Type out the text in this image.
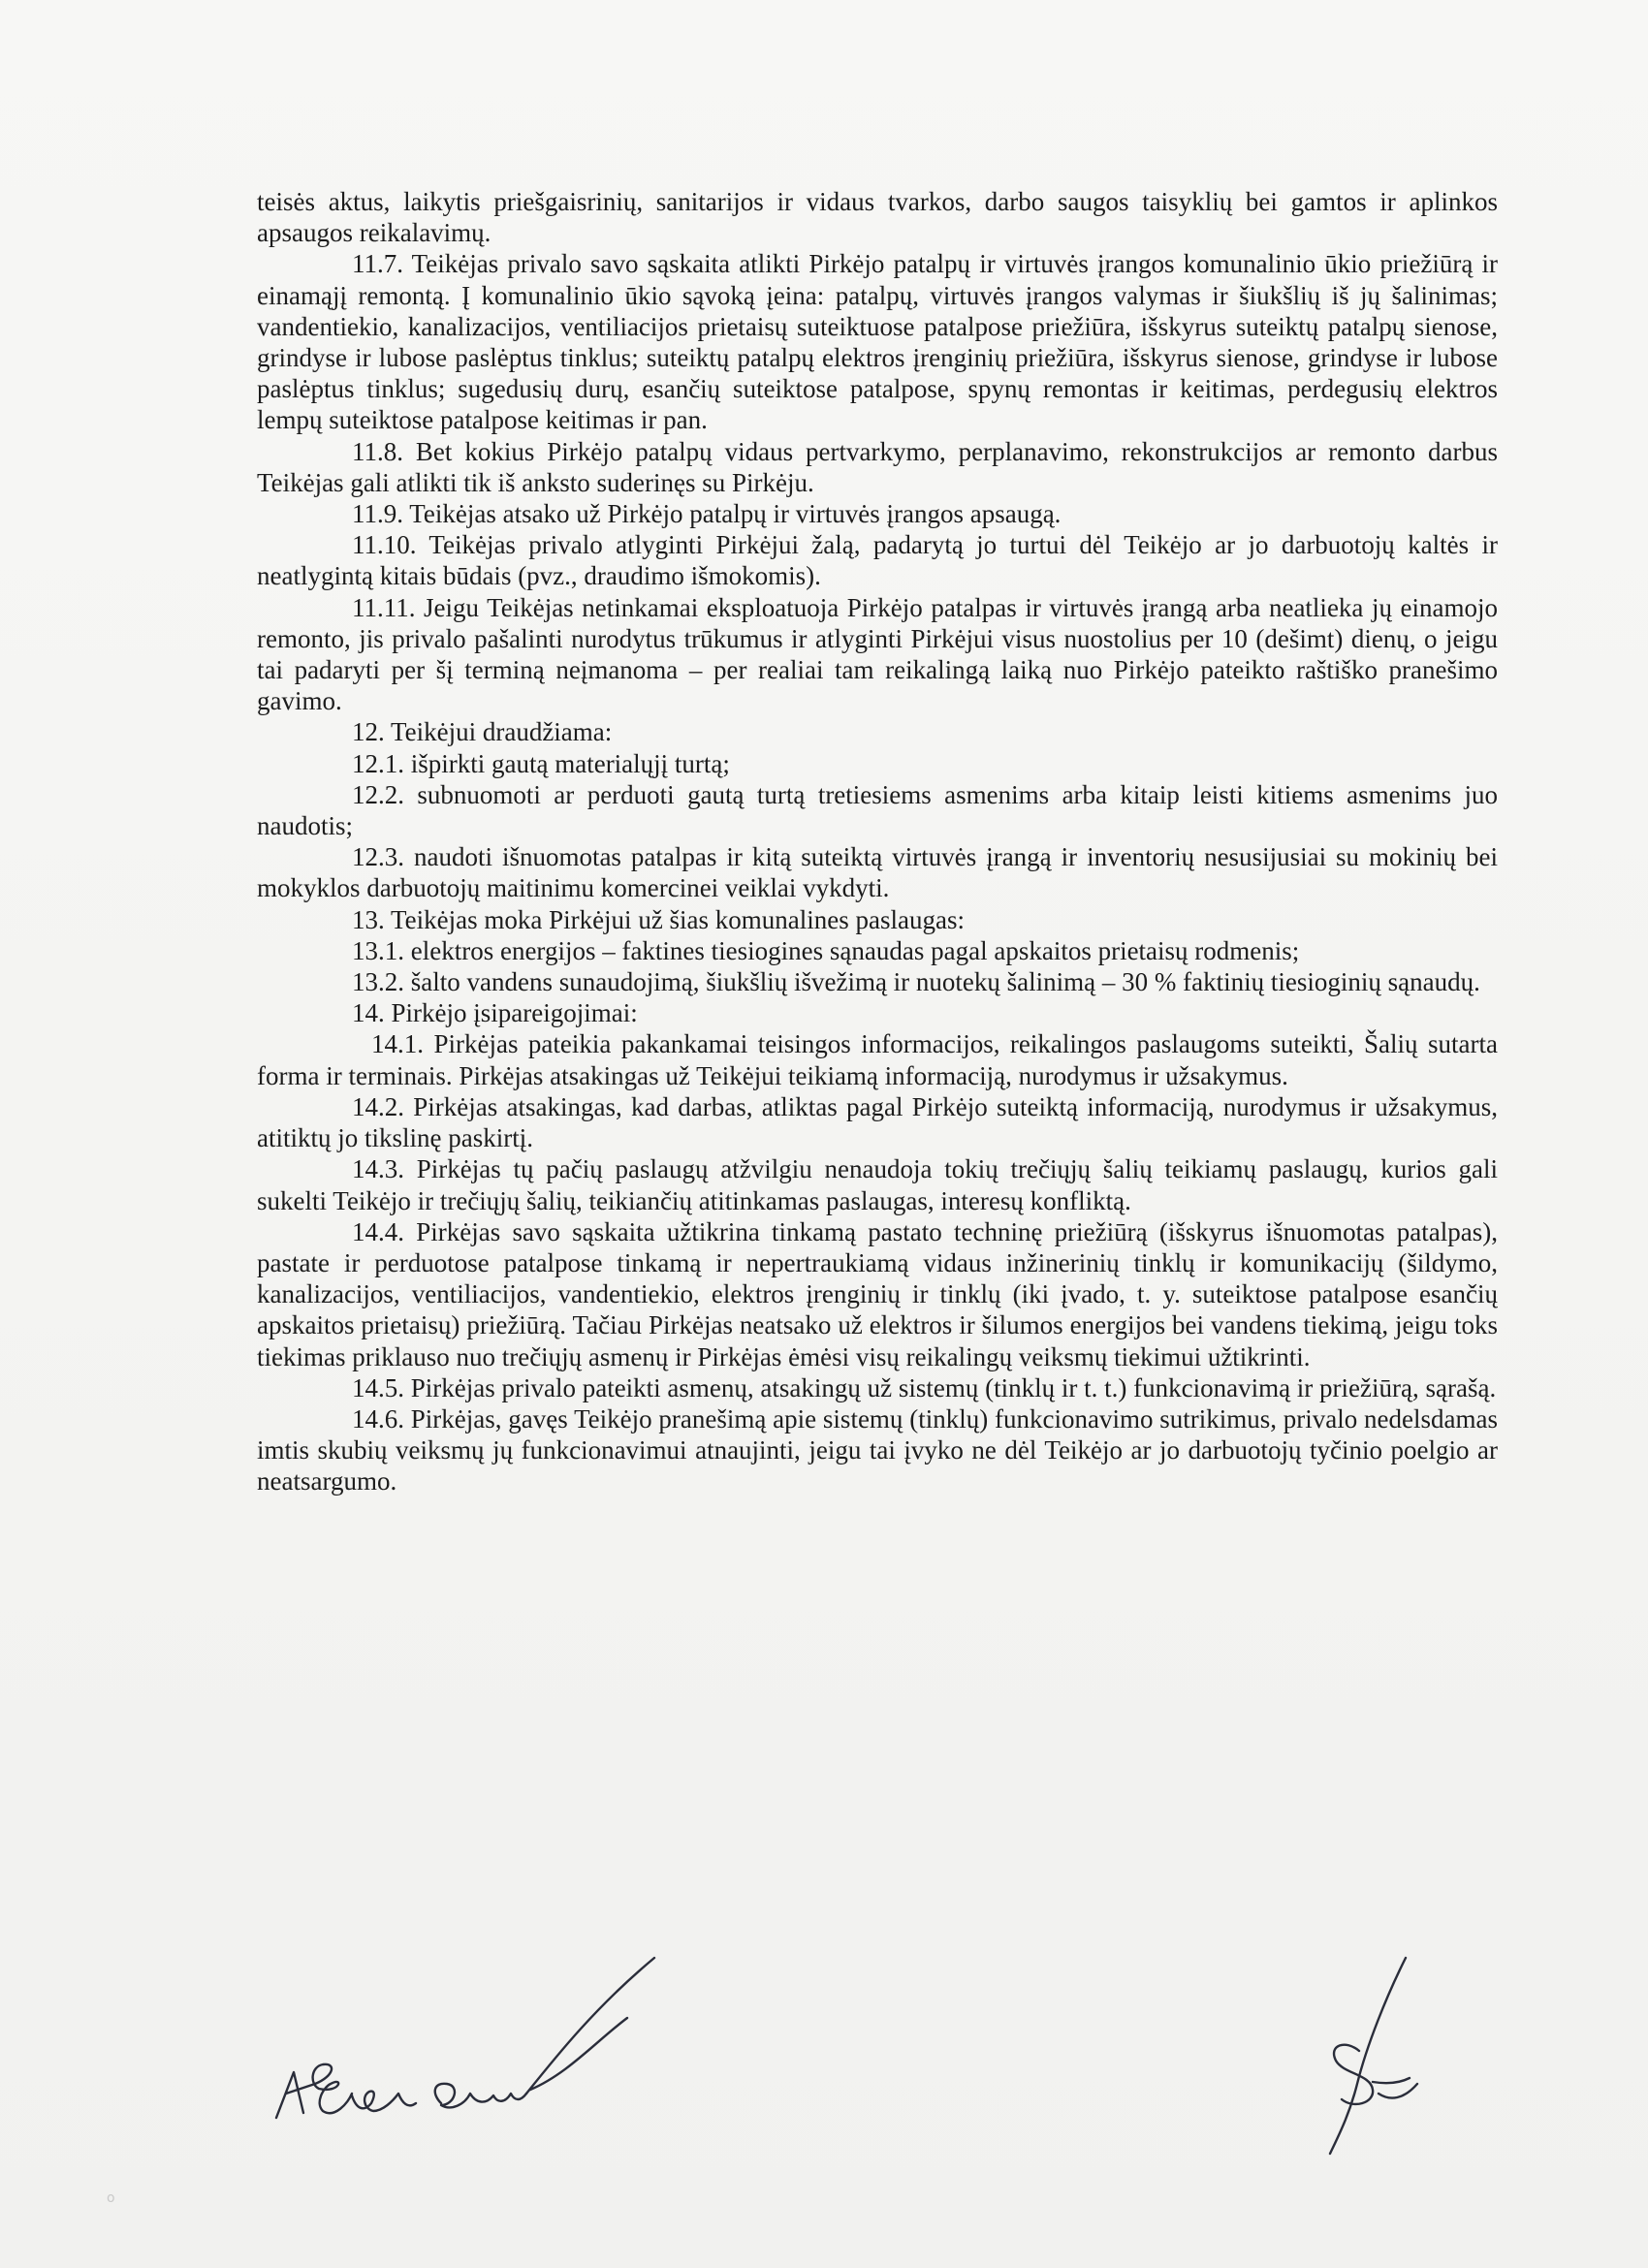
teisės aktus, laikytis priešgaisrinių, sanitarijos ir vidaus tvarkos, darbo saugos taisyklių bei gamtos ir aplinkos apsaugos reikalavimų.

11.7. Teikėjas privalo savo sąskaita atlikti Pirkėjo patalpų ir virtuvės įrangos komunalinio ūkio priežiūrą ir einamąjį remontą. Į komunalinio ūkio sąvoką įeina: patalpų, virtuvės įrangos valymas ir šiukšlių iš jų šalinimas; vandentiekio, kanalizacijos, ventiliacijos prietaisų suteiktuose patalpose priežiūra, išskyrus suteiktų patalpų sienose, grindyse ir lubose paslėptus tinklus; suteiktų patalpų elektros įrenginių priežiūra, išskyrus sienose, grindyse ir lubose paslėptus tinklus; sugedusių durų, esančių suteiktose patalpose, spynų remontas ir keitimas, perdegusių elektros lempų suteiktose patalpose keitimas ir pan.

11.8. Bet kokius Pirkėjo patalpų vidaus pertvarkymo, perplanavimo, rekonstrukcijos ar remonto darbus Teikėjas gali atlikti tik iš anksto suderinęs su Pirkėju.

11.9. Teikėjas atsako už Pirkėjo patalpų ir virtuvės įrangos apsaugą.

11.10. Teikėjas privalo atlyginti Pirkėjui žalą, padarytą jo turtui dėl Teikėjo ar jo darbuotojų kaltės ir neatlygintą kitais būdais (pvz., draudimo išmokomis).

11.11. Jeigu Teikėjas netinkamai eksploatuoja Pirkėjo patalpas ir virtuvės įrangą arba neatlieka jų einamojo remonto, jis privalo pašalinti nurodytus trūkumus ir atlyginti Pirkėjui visus nuostolius per 10 (dešimt) dienų, o jeigu tai padaryti per šį terminą neįmanoma – per realiai tam reikalingą laiką nuo Pirkėjo pateikto raštiško pranešimo gavimo.

12. Teikėjui draudžiama:

12.1. išpirkti gautą materialųjį turtą;

12.2. subnuomoti ar perduoti gautą turtą tretiesiems asmenims arba kitaip leisti kitiems asmenims juo naudotis;

12.3. naudoti išnuomotas patalpas ir kitą suteiktą virtuvės įrangą ir inventorių nesusijusiai su mokinių bei mokyklos darbuotojų maitinimu komercinei veiklai vykdyti.

13. Teikėjas moka Pirkėjui už šias komunalines paslaugas:

13.1. elektros energijos – faktines tiesiogines sąnaudas pagal apskaitos prietaisų rodmenis;

13.2. šalto vandens sunaudojimą, šiukšlių išvežimą ir nuotekų šalinimą – 30 % faktinių tiesioginių sąnaudų.

14. Pirkėjo įsipareigojimai:

14.1. Pirkėjas pateikia pakankamai teisingos informacijos, reikalingos paslaugoms suteikti, Šalių sutarta forma ir terminais. Pirkėjas atsakingas už Teikėjui teikiamą informaciją, nurodymus ir užsakymus.

14.2. Pirkėjas atsakingas, kad darbas, atliktas pagal Pirkėjo suteiktą informaciją, nurodymus ir užsakymus, atitiktų jo tikslinę paskirtį.

14.3. Pirkėjas tų pačių paslaugų atžvilgiu nenaudoja tokių trečiųjų šalių teikiamų paslaugų, kurios gali sukelti Teikėjo ir trečiųjų šalių, teikiančių atitinkamas paslaugas, interesų konfliktą.

14.4. Pirkėjas savo sąskaita užtikrina tinkamą pastato techninę priežiūrą (išskyrus išnuomotas patalpas), pastate ir perduotose patalpose tinkamą ir nepertraukiamą vidaus inžinerinių tinklų ir komunikacijų (šildymo, kanalizacijos, ventiliacijos, vandentiekio, elektros įrenginių ir tinklų (iki įvado, t. y. suteiktose patalpose esančių apskaitos prietaisų) priežiūrą. Tačiau Pirkėjas neatsako už elektros ir šilumos energijos bei vandens tiekimą, jeigu toks tiekimas priklauso nuo trečiųjų asmenų ir Pirkėjas ėmėsi visų reikalingų veiksmų tiekimui užtikrinti.

14.5. Pirkėjas privalo pateikti asmenų, atsakingų už sistemų (tinklų ir t. t.) funkcionavimą ir priežiūrą, sąrašą.

14.6. Pirkėjas, gavęs Teikėjo pranešimą apie sistemų (tinklų) funkcionavimo sutrikimus, privalo nedelsdamas imtis skubių veiksmų jų funkcionavimui atnaujinti, jeigu tai įvyko ne dėl Teikėjo ar jo darbuotojų tyčinio poelgio ar neatsargumo.

o
